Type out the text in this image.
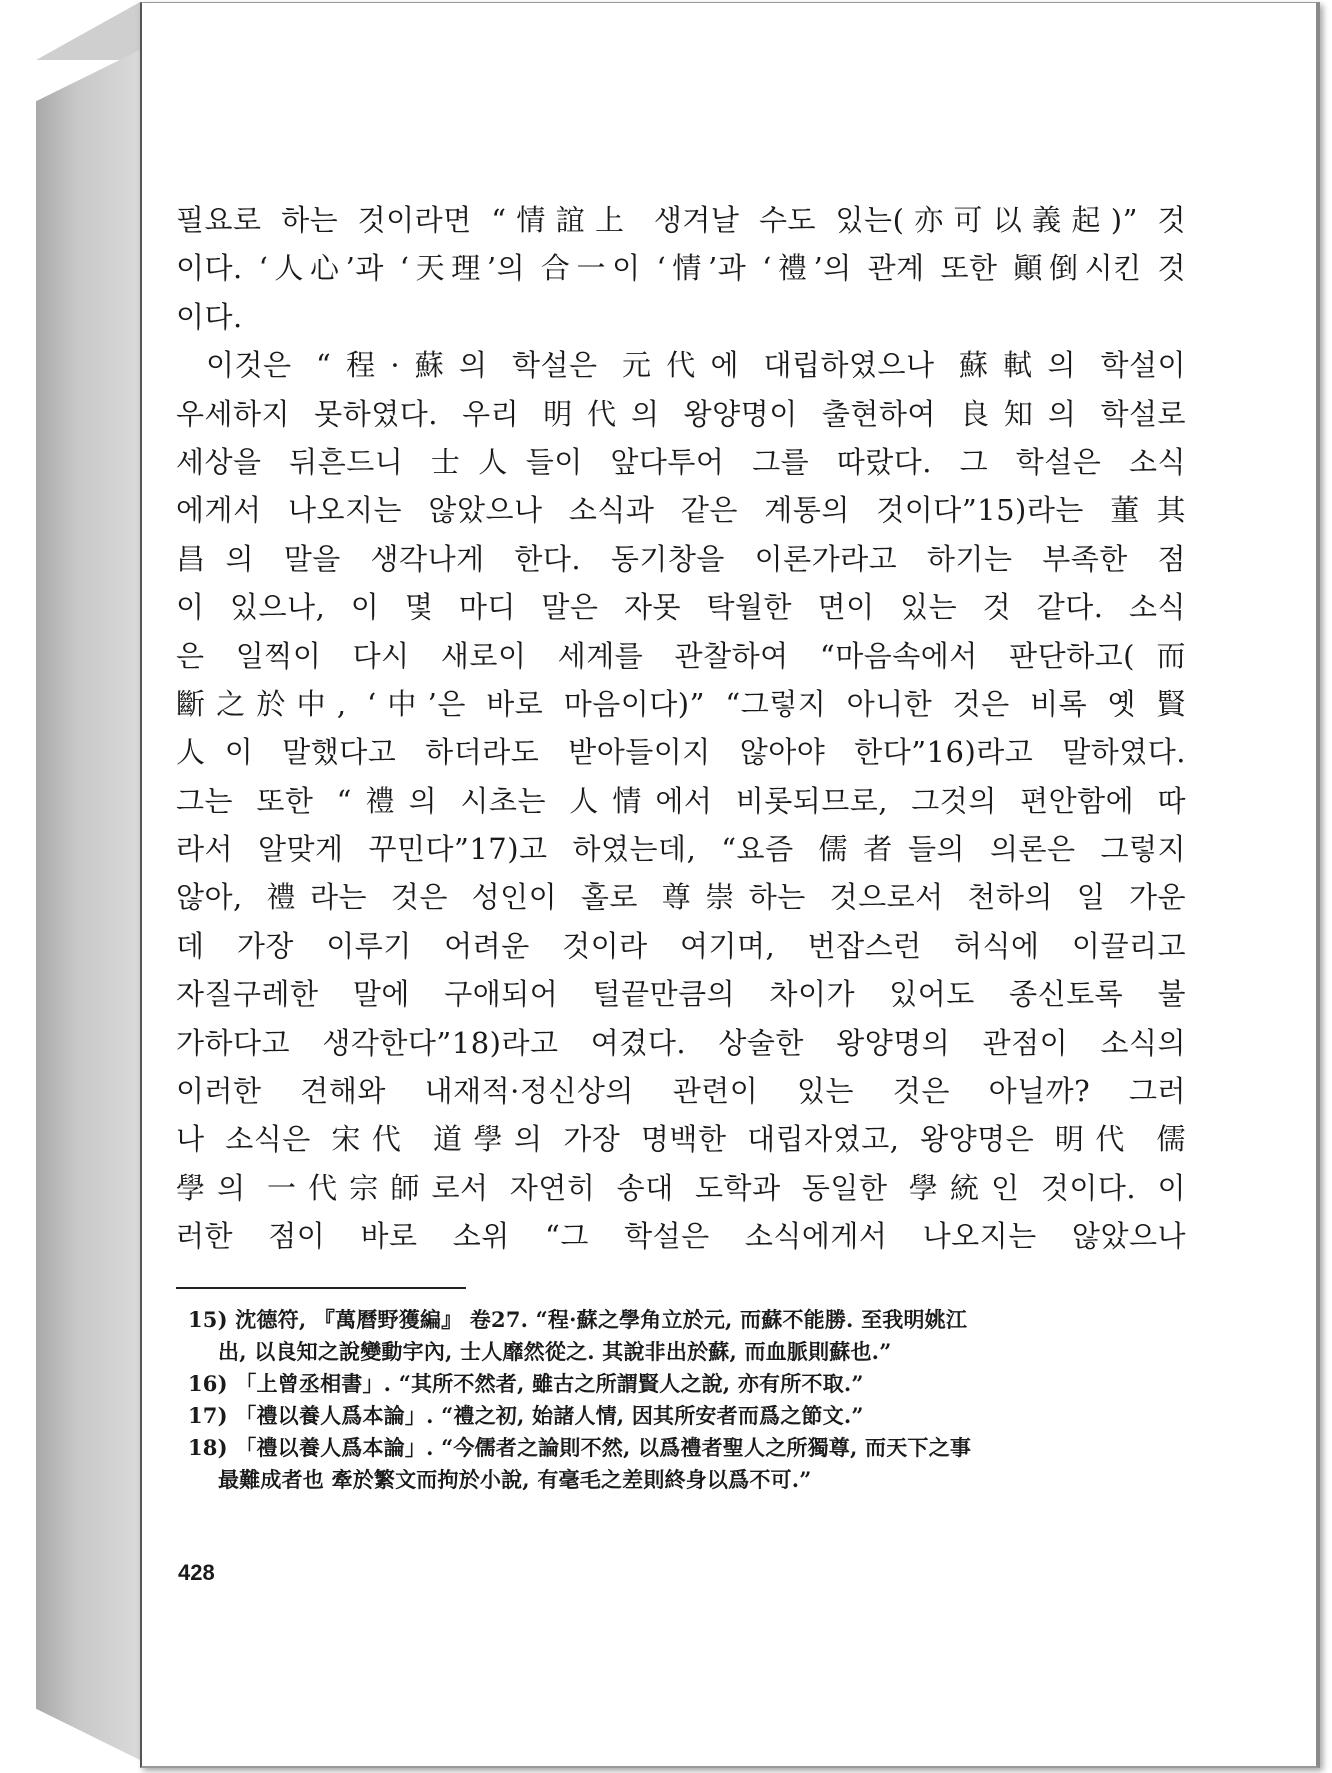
필요로 하는 것이라면 “情誼上 생겨날 수도 있는(亦可以義起)” 것
이다. ‘人心’과 ‘天理’의 合一이 ‘情’과 ‘禮’의 관계 또한 顚倒시킨 것
이다.
이것은 “程·蘇의 학설은 元代에 대립하였으나 蘇軾의 학설이
우세하지 못하였다. 우리 明代의 왕양명이 출현하여 良知의 학설로
세상을 뒤흔드니 士人들이 앞다투어 그를 따랐다. 그 학설은 소식
에게서 나오지는 않았으나 소식과 같은 계통의 것이다”15)라는 董其
昌의 말을 생각나게 한다. 동기창을 이론가라고 하기는 부족한 점
이 있으나, 이 몇 마디 말은 자못 탁월한 면이 있는 것 같다. 소식
은 일찍이 다시 새로이 세계를 관찰하여 “마음속에서 판단하고(而
斷之於中, ‘中’은 바로 마음이다)” “그렇지 아니한 것은 비록 옛 賢
人이 말했다고 하더라도 받아들이지 않아야 한다”16)라고 말하였다.
그는 또한 “禮의 시초는 人情에서 비롯되므로, 그것의 편안함에 따
라서 알맞게 꾸민다”17)고 하였는데, “요즘 儒者들의 의론은 그렇지
않아, 禮라는 것은 성인이 홀로 尊崇하는 것으로서 천하의 일 가운
데 가장 이루기 어려운 것이라 여기며, 번잡스런 허식에 이끌리고
자질구레한 말에 구애되어 털끝만큼의 차이가 있어도 종신토록 불
가하다고 생각한다”18)라고 여겼다. 상술한 왕양명의 관점이 소식의
이러한 견해와 내재적·정신상의 관련이 있는 것은 아닐까? 그러
나 소식은 宋代 道學의 가장 명백한 대립자였고, 왕양명은 明代 儒
學의 一代宗師로서 자연히 송대 도학과 동일한 學統인 것이다. 이
러한 점이 바로 소위 “그 학설은 소식에게서 나오지는 않았으나
15) 沈德符, 『萬曆野獲編』 卷27. “程·蘇之學角立於元, 而蘇不能勝. 至我明姚江
出, 以良知之說變動宇內, 士人靡然從之. 其說非出於蘇, 而血脈則蘇也.”
16) 「上曾丞相書」. “其所不然者, 雖古之所謂賢人之說, 亦有所不取.”
17) 「禮以養人爲本論」. “禮之初, 始諸人情, 因其所安者而爲之節文.”
18) 「禮以養人爲本論」. “今儒者之論則不然, 以爲禮者聖人之所獨尊, 而天下之事
最難成者也 牽於繁文而拘於小說, 有毫毛之差則終身以爲不可.”
428
